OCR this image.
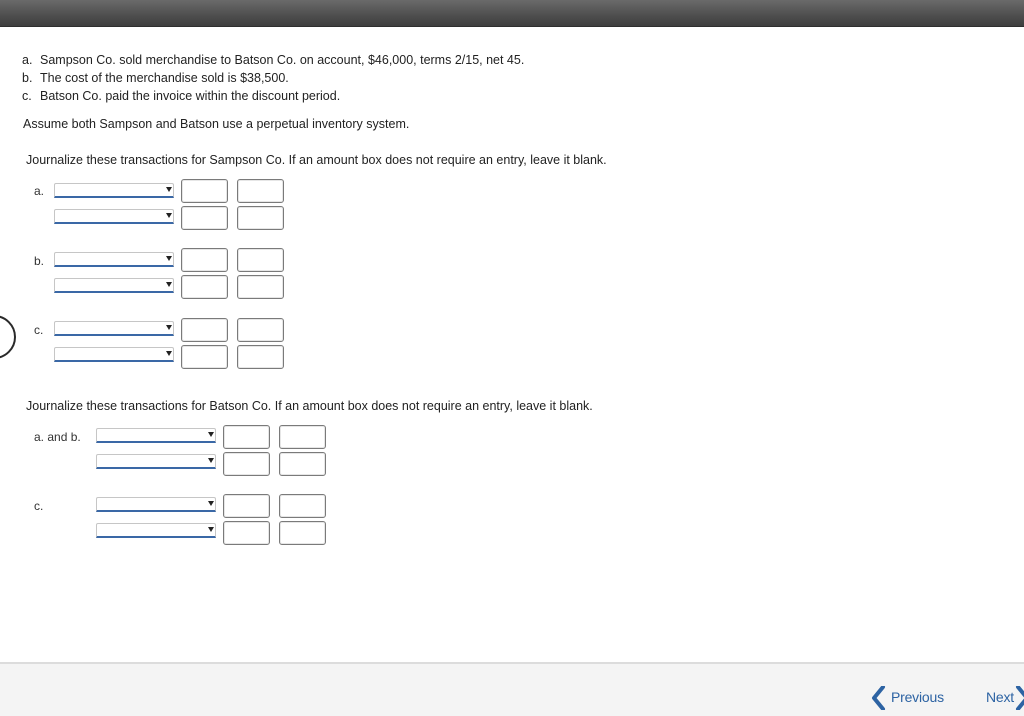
a. Sampson Co. sold merchandise to Batson Co. on account, $46,000, terms 2/15, net 45.
b. The cost of the merchandise sold is $38,500.
c. Batson Co. paid the invoice within the discount period.
Assume both Sampson and Batson use a perpetual inventory system.
Journalize these transactions for Sampson Co. If an amount box does not require an entry, leave it blank.
a.
b.
c.
Journalize these transactions for Batson Co. If an amount box does not require an entry, leave it blank.
a. and b.
c.
Previous	Next
